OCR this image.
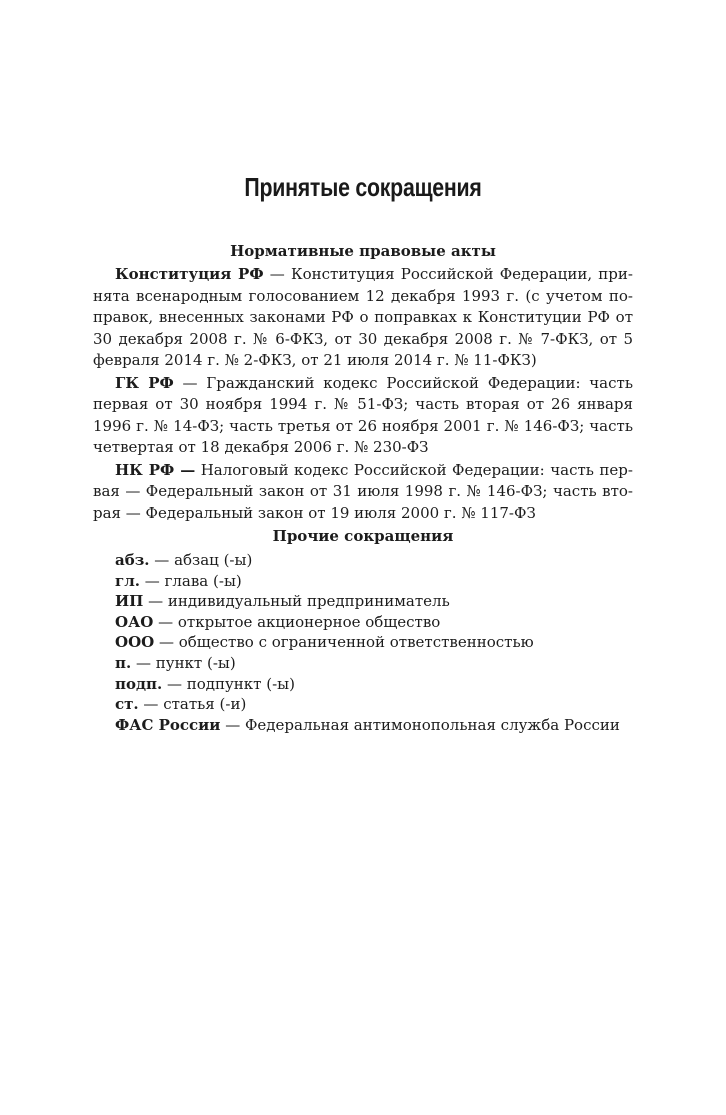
Принятые сокращения

Нормативные правовые акты

Конституция РФ — Конституция Российской Федерации, принята всенародным голосованием 12 декабря 1993 г. (с учетом поправок, внесенных законами РФ о поправках к Конституции РФ от 30 декабря 2008 г. № 6-ФКЗ, от 30 декабря 2008 г. № 7-ФКЗ, от 5 февраля 2014 г. № 2-ФКЗ, от 21 июля 2014 г. № 11-ФКЗ)

ГК РФ — Гражданский кодекс Российской Федерации: часть первая от 30 ноября 1994 г. № 51-ФЗ; часть вторая от 26 января 1996 г. № 14-ФЗ; часть третья от 26 ноября 2001 г. № 146-ФЗ; часть четвертая от 18 декабря 2006 г. № 230-ФЗ

НК РФ — Налоговый кодекс Российской Федерации: часть первая — Федеральный закон от 31 июля 1998 г. № 146-ФЗ; часть вторая — Федеральный закон от 19 июля 2000 г. № 117-ФЗ

Прочие сокращения

абз. — абзац (-ы)
гл. — глава (-ы)
ИП — индивидуальный предприниматель
ОАО — открытое акционерное общество
ООО — общество с ограниченной ответственностью
п. — пункт (-ы)
подп. — подпункт (-ы)
ст. — статья (-и)
ФАС России — Федеральная антимонопольная служба России
